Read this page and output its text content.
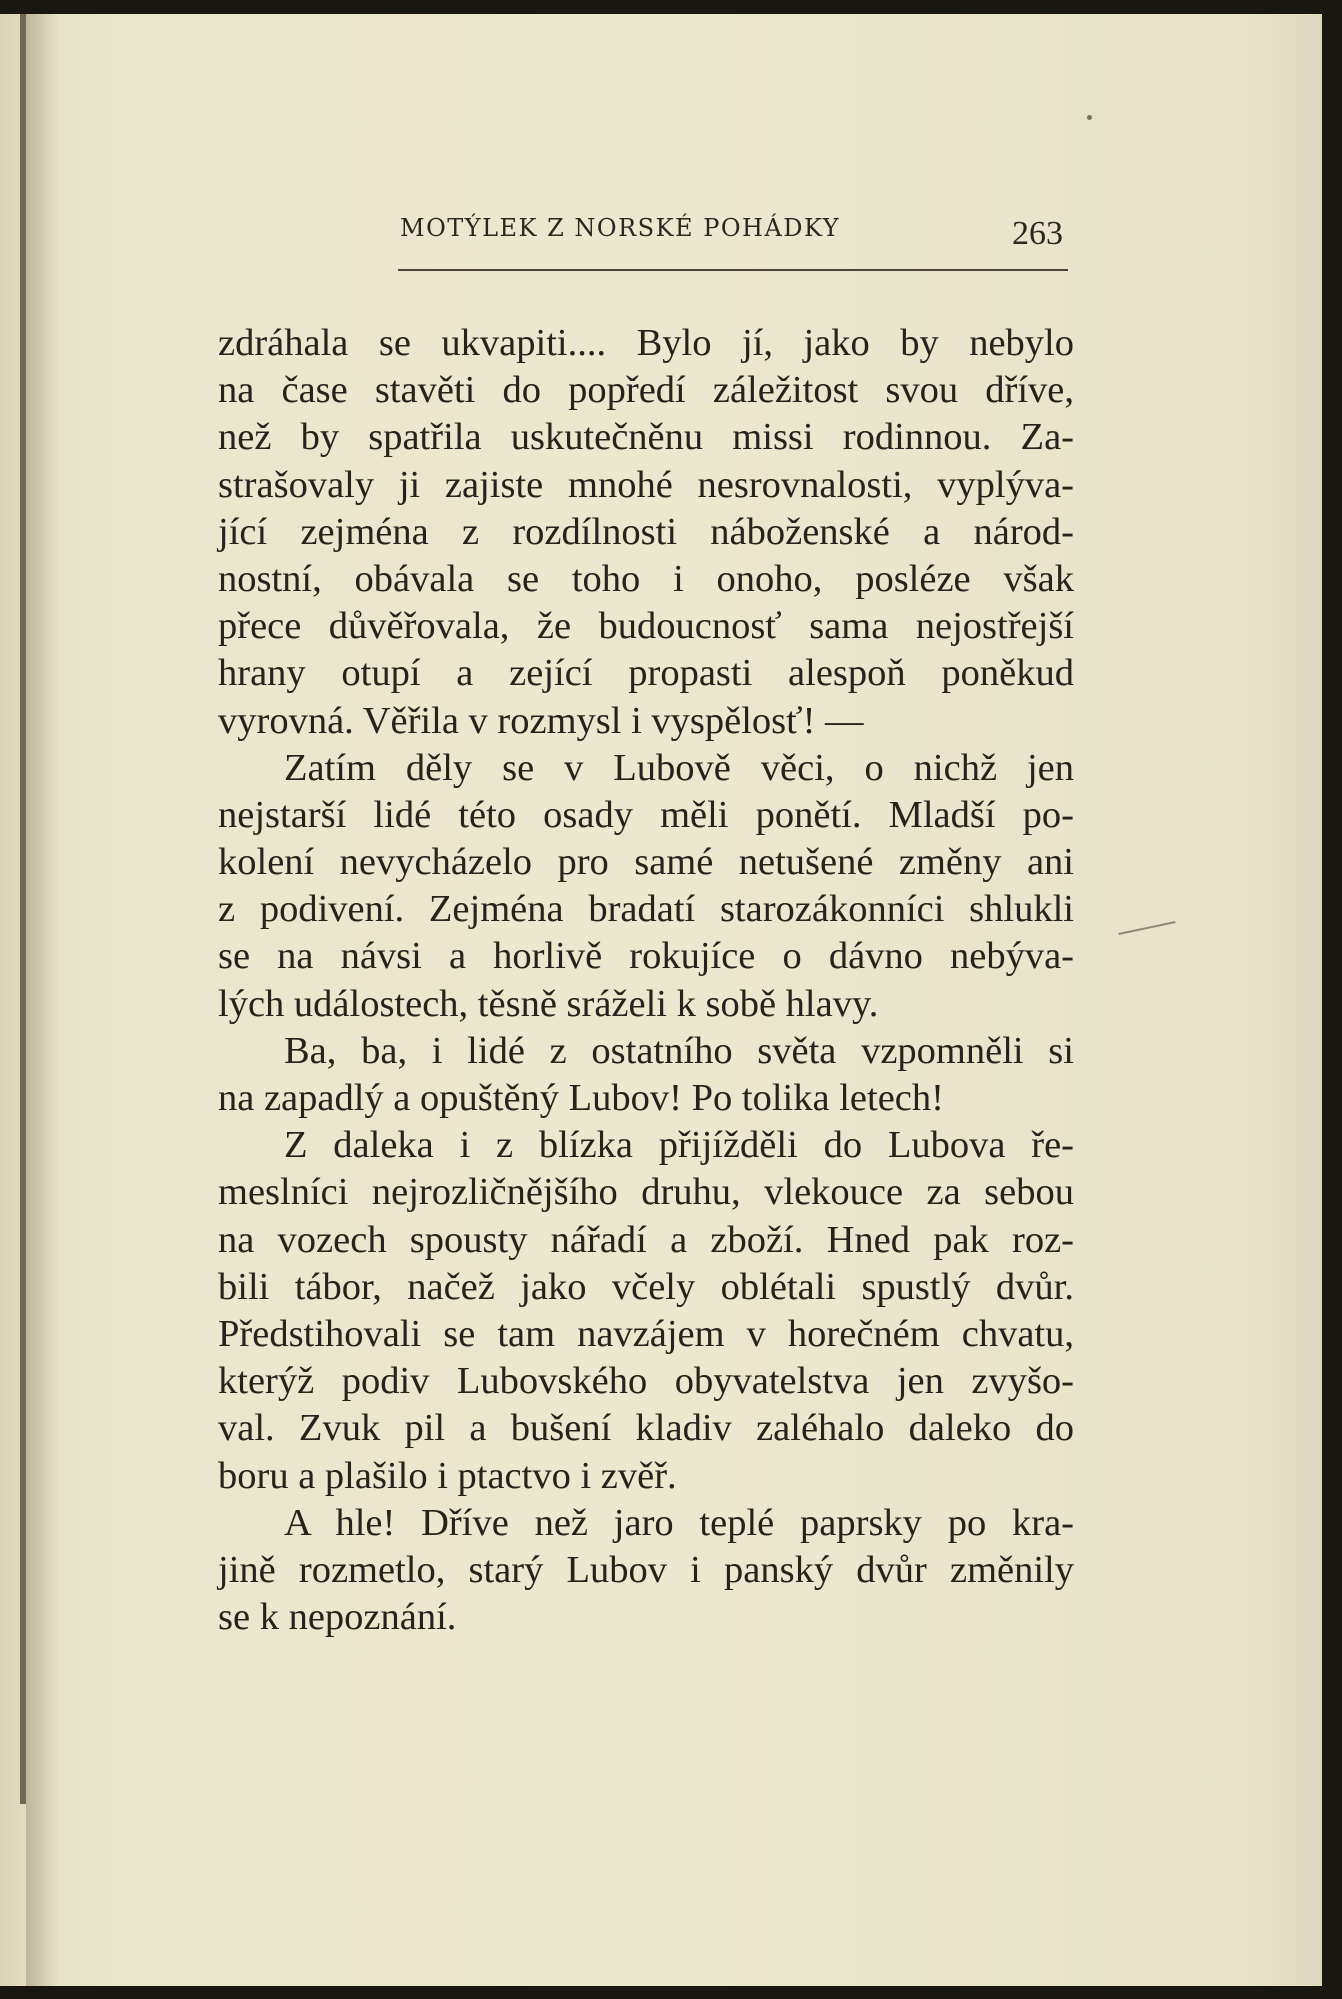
MOTÝLEK Z NORSKÉ POHÁDKY	263
zdráhala se ukvapiti.... Bylo jí, jako by nebylo
na čase stavěti do popředí záležitost svou dříve,
než by spatřila uskutečněnu missi rodinnou. Za-
strašovaly ji zajiste mnohé nesrovnalosti, vyplýva-
jící zejména z rozdílnosti náboženské a národ-
nostní, obávala se toho i onoho, posléze však
přece důvěřovala, že budoucnosť sama nejostřejší
hrany otupí a zející propasti alespoň poněkud
vyrovná. Věřila v rozmysl i vyspělosť! —
Zatím děly se v Lubově věci, o nichž jen
nejstarší lidé této osady měli ponětí. Mladší po-
kolení nevycházelo pro samé netušené změny ani
z podivení. Zejména bradatí starozákonníci shlukli
se na návsi a horlivě rokujíce o dávno nebýva-
lých událostech, těsně sráželi k sobě hlavy.
Ba, ba, i lidé z ostatního světa vzpomněli si
na zapadlý a opuštěný Lubov! Po tolika letech!
Z daleka i z blízka přijížděli do Lubova ře-
meslníci nejrozličnějšího druhu, vlekouce za sebou
na vozech spousty nářadí a zboží. Hned pak roz-
bili tábor, načež jako včely oblétali spustlý dvůr.
Předstihovali se tam navzájem v horečném chvatu,
kterýž podiv Lubovského obyvatelstva jen zvyšo-
val. Zvuk pil a bušení kladiv zaléhalo daleko do
boru a plašilo i ptactvo i zvěř.
A hle! Dříve než jaro teplé paprsky po kra-
jině rozmetlo, starý Lubov i panský dvůr změnily
se k nepoznání.
